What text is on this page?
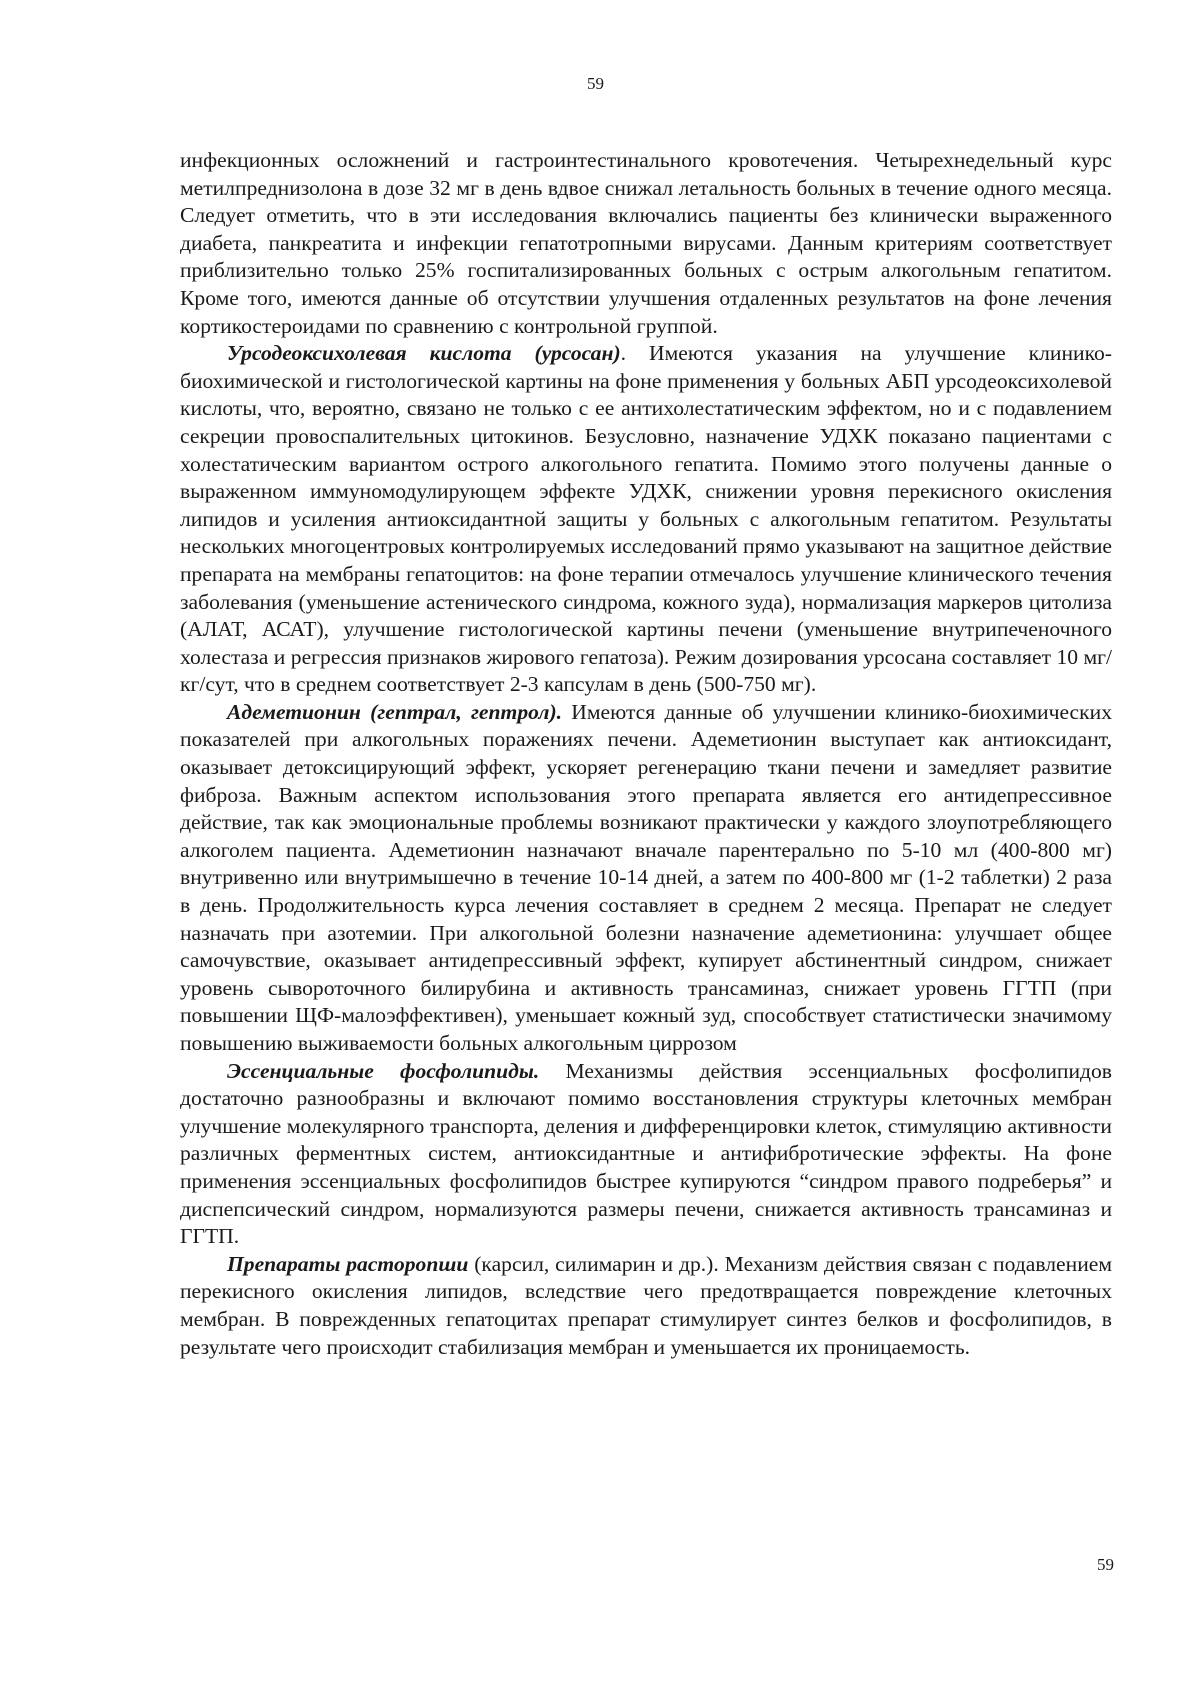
59

инфекционных осложнений и гастроинтестинального кровотечения. Четырехнедельный курс метилпреднизолона в дозе 32 мг в день вдвое снижал летальность больных в течение одного месяца. Следует отметить, что в эти исследования включались пациенты без клинически выраженного диабета, панкреатита и инфекции гепатотропными вирусами. Данным критериям соответствует приблизительно только 25% госпитализированных больных с острым алкогольным гепатитом. Кроме того, имеются данные об отсутствии улучшения отдаленных результатов на фоне лечения кортикостероидами по сравнению с контрольной группой.

Урсодеоксихолевая кислота (урсосан). Имеются указания на улучшение клинико-биохимической и гистологической картины на фоне применения у больных АБП урсодеоксихолевой кислоты, что, вероятно, связано не только с ее антихолестатическим эффектом, но и с подавлением секреции провоспалительных цитокинов. Безусловно, назначение УДХК показано пациентами с холестатическим вариантом острого алкогольного гепатита. Помимо этого получены данные о выраженном иммуномодулирующем эффекте УДХК, снижении уровня перекисного окисления липидов и усиления антиоксидантной защиты у больных с алкогольным гепатитом. Результаты нескольких многоцентровых контролируемых исследований прямо указывают на защитное действие препарата на мембраны гепатоцитов: на фоне терапии отмечалось улучшение клинического течения заболевания (уменьшение астенического синдрома, кожного зуда), нормализация маркеров цитолиза (АЛАТ, АСАТ), улучшение гистологической картины печени (уменьшение внутрипеченочного холестаза и регрессия признаков жирового гепатоза). Режим дозирования урсосана составляет 10 мг/кг/сут, что в среднем соответствует 2-3 капсулам в день (500-750 мг).

Адеметионин (гептрал, гептрол). Имеются данные об улучшении клинико-биохимических показателей при алкогольных поражениях печени. Адеметионин выступает как антиоксидант, оказывает детоксицирующий эффект, ускоряет регенерацию ткани печени и замедляет развитие фиброза. Важным аспектом использования этого препарата является его антидепрессивное действие, так как эмоциональные проблемы возникают практически у каждого злоупотребляющего алкоголем пациента. Адеметионин назначают вначале парентерально по 5-10 мл (400-800 мг) внутривенно или внутримышечно в течение 10-14 дней, а затем по 400-800 мг (1-2 таблетки) 2 раза в день. Продолжительность курса лечения составляет в среднем 2 месяца. Препарат не следует назначать при азотемии. При алкогольной болезни назначение адеметионина: улучшает общее самочувствие, оказывает антидепрессивный эффект, купирует абстинентный синдром, снижает уровень сывороточного билирубина и активность трансаминаз, снижает уровень ГГТП (при повышении ЩФ-малоэффективен), уменьшает кожный зуд, способствует статистически значимому повышению выживаемости больных алкогольным циррозом

Эссенциальные фосфолипиды. Механизмы действия эссенциальных фосфолипидов достаточно разнообразны и включают помимо восстановления структуры клеточных мембран улучшение молекулярного транспорта, деления и дифференцировки клеток, стимуляцию активности различных ферментных систем, антиоксидантные и антифибротические эффекты. На фоне применения эссенциальных фосфолипидов быстрее купируются “синдром правого подреберья” и диспепсический синдром, нормализуются размеры печени, снижается активность трансаминаз и ГГТП.

Препараты расторопши (карсил, силимарин и др.). Механизм действия связан с подавлением перекисного окисления липидов, вследствие чего предотвращается повреждение клеточных мембран. В поврежденных гепатоцитах препарат стимулирует синтез белков и фосфолипидов, в результате чего происходит стабилизация мембран и уменьшается их проницаемость.

59
